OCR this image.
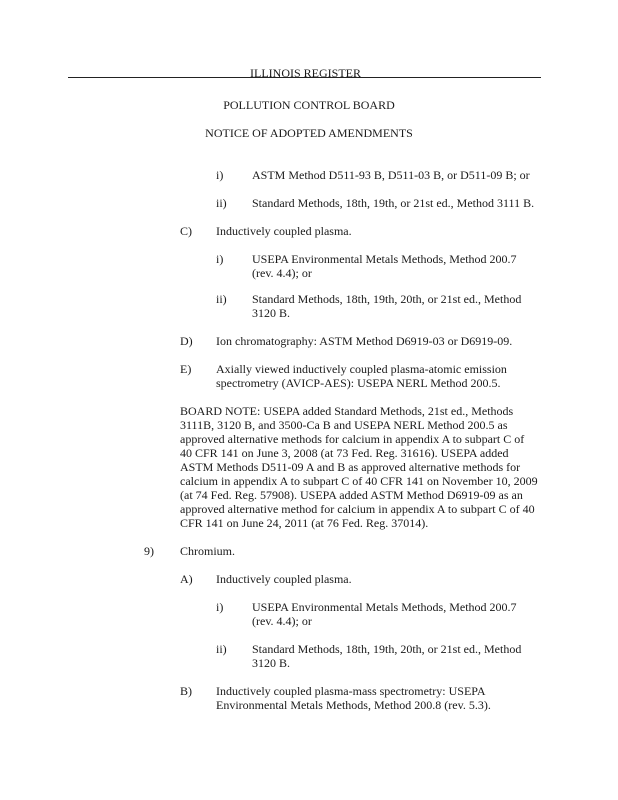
ILLINOIS REGISTER
POLLUTION CONTROL BOARD
NOTICE OF ADOPTED AMENDMENTS
i) ASTM Method D511-93 B, D511-03 B, or D511-09 B; or
ii) Standard Methods, 18th, 19th, or 21st ed., Method 3111 B.
C) Inductively coupled plasma.
i) USEPA Environmental Metals Methods, Method 200.7
(rev. 4.4); or
ii) Standard Methods, 18th, 19th, 20th, or 21st ed., Method
3120 B.
D) Ion chromatography: ASTM Method D6919-03 or D6919-09.
E) Axially viewed inductively coupled plasma-atomic emission
spectrometry (AVICP-AES): USEPA NERL Method 200.5.
BOARD NOTE: USEPA added Standard Methods, 21st ed., Methods
3111B, 3120 B, and 3500-Ca B and USEPA NERL Method 200.5 as
approved alternative methods for calcium in appendix A to subpart C of
40 CFR 141 on June 3, 2008 (at 73 Fed. Reg. 31616). USEPA added
ASTM Methods D511-09 A and B as approved alternative methods for
calcium in appendix A to subpart C of 40 CFR 141 on November 10, 2009
(at 74 Fed. Reg. 57908). USEPA added ASTM Method D6919-09 as an
approved alternative method for calcium in appendix A to subpart C of 40
CFR 141 on June 24, 2011 (at 76 Fed. Reg. 37014).
9) Chromium.
A) Inductively coupled plasma.
i) USEPA Environmental Metals Methods, Method 200.7
(rev. 4.4); or
ii) Standard Methods, 18th, 19th, 20th, or 21st ed., Method
3120 B.
B) Inductively coupled plasma-mass spectrometry: USEPA
Environmental Metals Methods, Method 200.8 (rev. 5.3).
